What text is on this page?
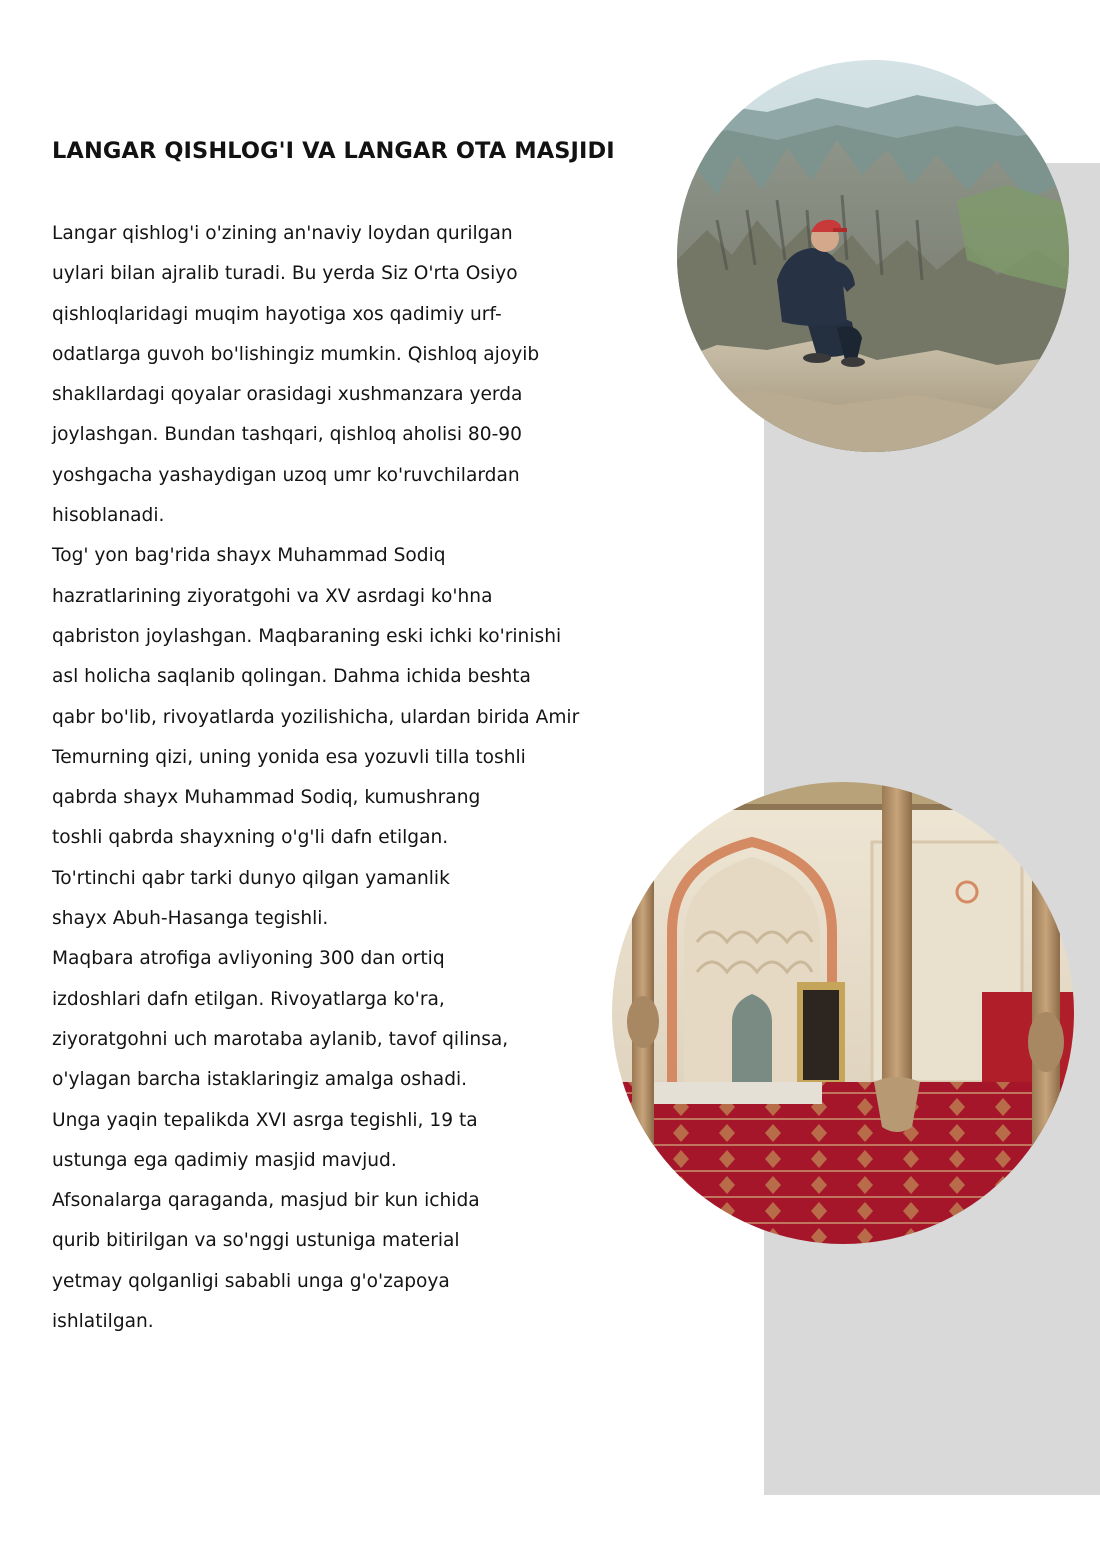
LANGAR QISHLOG'I VA LANGAR OTA MASJIDI
Langar qishlog'i o'zining an'naviy loydan qurilgan
uylari bilan ajralib turadi. Bu yerda Siz O'rta Osiyo
qishloqlaridagi muqim hayotiga xos qadimiy urf-
odatlarga guvoh bo'lishingiz mumkin. Qishloq ajoyib
shakllardagi qoyalar orasidagi xushmanzara yerda
joylashgan. Bundan tashqari, qishloq aholisi 80-90
yoshgacha yashaydigan uzoq umr ko'ruvchilardan
hisoblanadi.
Tog' yon bag'rida shayx Muhammad Sodiq
hazratlarining ziyoratgohi va XV asrdagi ko'hna
qabriston joylashgan. Maqbaraning eski ichki ko'rinishi
asl holicha saqlanib qolingan. Dahma ichida beshta
qabr bo'lib, rivoyatlarda yozilishicha, ulardan birida Amir
Temurning qizi, uning yonida esa yozuvli tilla toshli
qabrda shayx Muhammad Sodiq, kumushrang
toshli qabrda shayxning o'g'li dafn etilgan.
To'rtinchi qabr tarki dunyo qilgan yamanlik
shayx Abuh-Hasanga tegishli.
Maqbara atrofiga avliyoning 300 dan ortiq
izdoshlari dafn etilgan. Rivoyatlarga ko'ra,
ziyoratgohni uch marotaba aylanib, tavof qilinsa,
o'ylagan barcha istaklaringiz amalga oshadi.
Unga yaqin tepalikda XVI asrga tegishli, 19 ta
ustunga ega qadimiy masjid mavjud.
Afsonalarga qaraganda, masjud bir kun ichida
qurib bitirilgan va so'nggi ustuniga material
yetmay qolganligi sababli unga g'o'zapoya
ishlatilgan.
